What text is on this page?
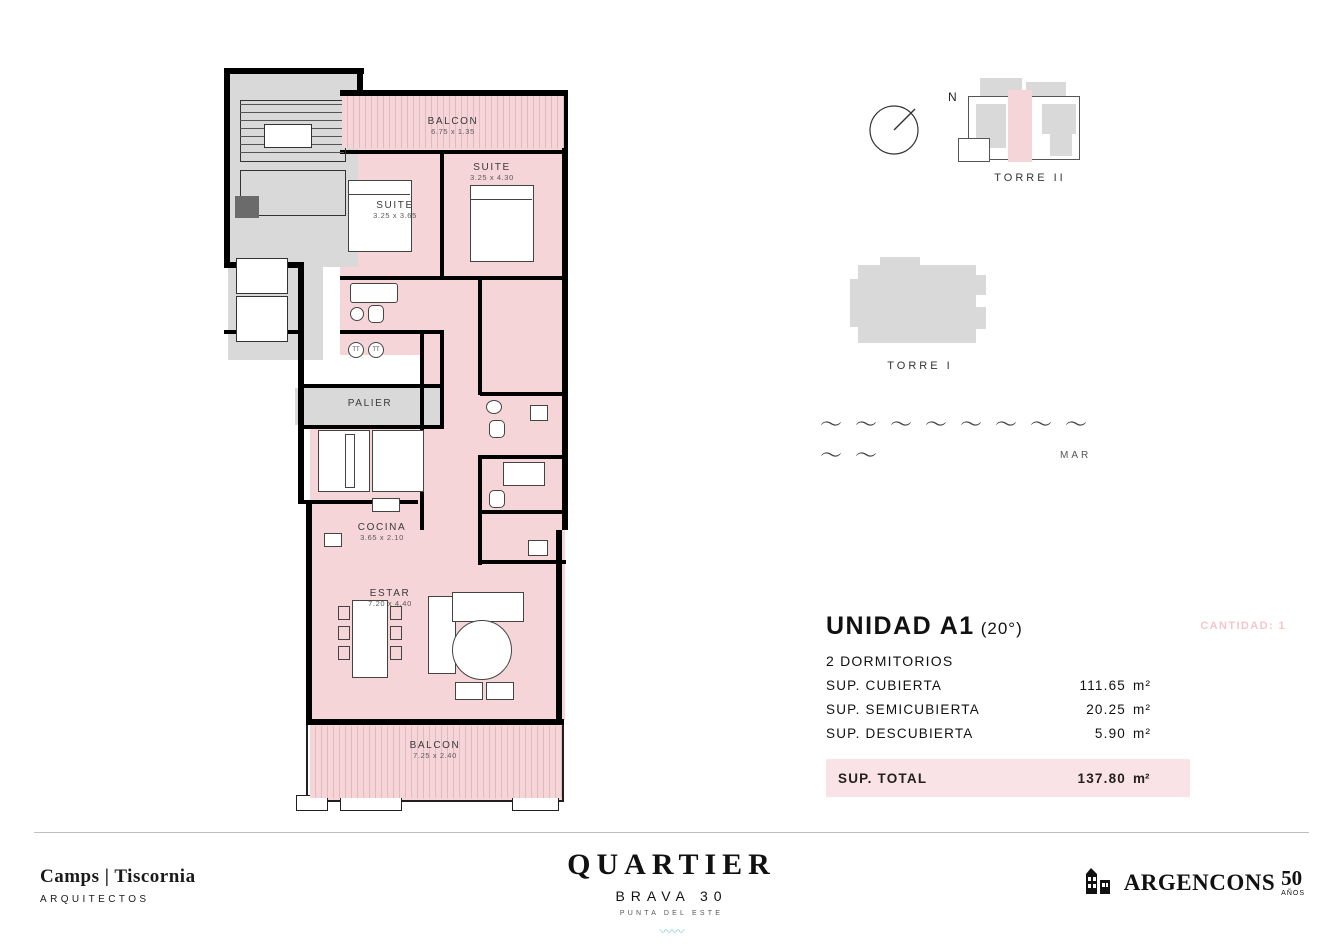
TT	TT
BALCON
6.75 x 1.35
SUITE
3.25 x 4.30
SUITE
3.25 x 3.65
PALIER
COCINA
3.65 x 2.10
ESTAR
7.20 x 4.40
BALCON
7.25 x 2.40
N
TORRE II
TORRE I
〜 〜 〜 〜 〜 〜 〜 〜 〜 〜	MAR
UNIDAD A1 (20°)	CANTIDAD: 1
2 DORMITORIOS
SUP. CUBIERTA	111.65 m²
SUP. SEMICUBIERTA	20.25 m²
SUP. DESCUBIERTA	5.90 m²
SUP. TOTAL	137.80 m²
Camps | Tiscornia
ARQUITECTOS
QUARTIER
BRAVA 30
PUNTA DEL ESTE
〰〰
ARGENCONS 50
AÑOS
